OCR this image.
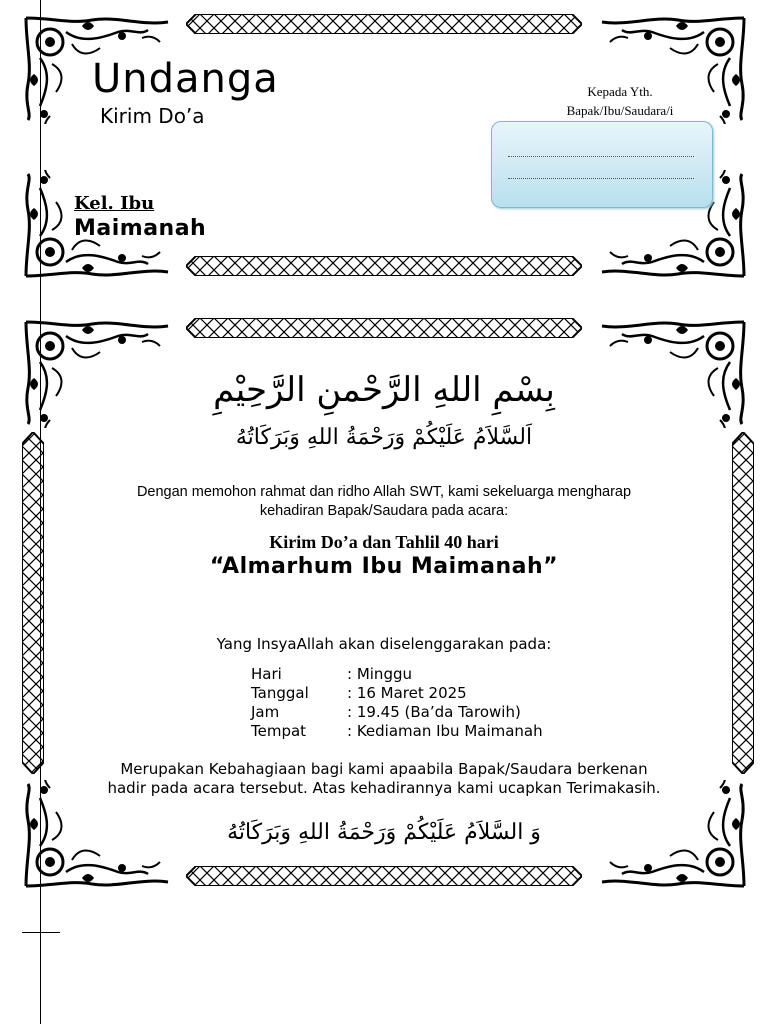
Undanga
Kirim Do’a
Kel. Ibu
Maimanah
Kepada Yth.
Bapak/Ibu/Saudara/i
بِسْمِ اللهِ الرَّحْمنِ الرَّحِيْمِ
اَلسَّلاَمُ عَلَيْكُمْ وَرَحْمَةُ اللهِ وَبَرَكَاتُهُ
Dengan memohon rahmat dan ridho Allah SWT, kami sekeluarga mengharap
kehadiran Bapak/Saudara pada acara:
Kirim Do’a dan Tahlil 40 hari
“Almarhum Ibu Maimanah”
Yang InsyaAllah akan diselenggarakan pada:
Hari	: Minggu
Tanggal	: 16 Maret 2025
Jam	: 19.45 (Ba’da Tarowih)
Tempat	: Kediaman Ibu Maimanah
Merupakan Kebahagiaan bagi kami apaabila Bapak/Saudara berkenan
hadir pada acara tersebut. Atas kehadirannya kami ucapkan Terimakasih.
وَ السَّلاَمُ عَلَيْكُمْ وَرَحْمَةُ اللهِ وَبَرَكَاتُهُ
